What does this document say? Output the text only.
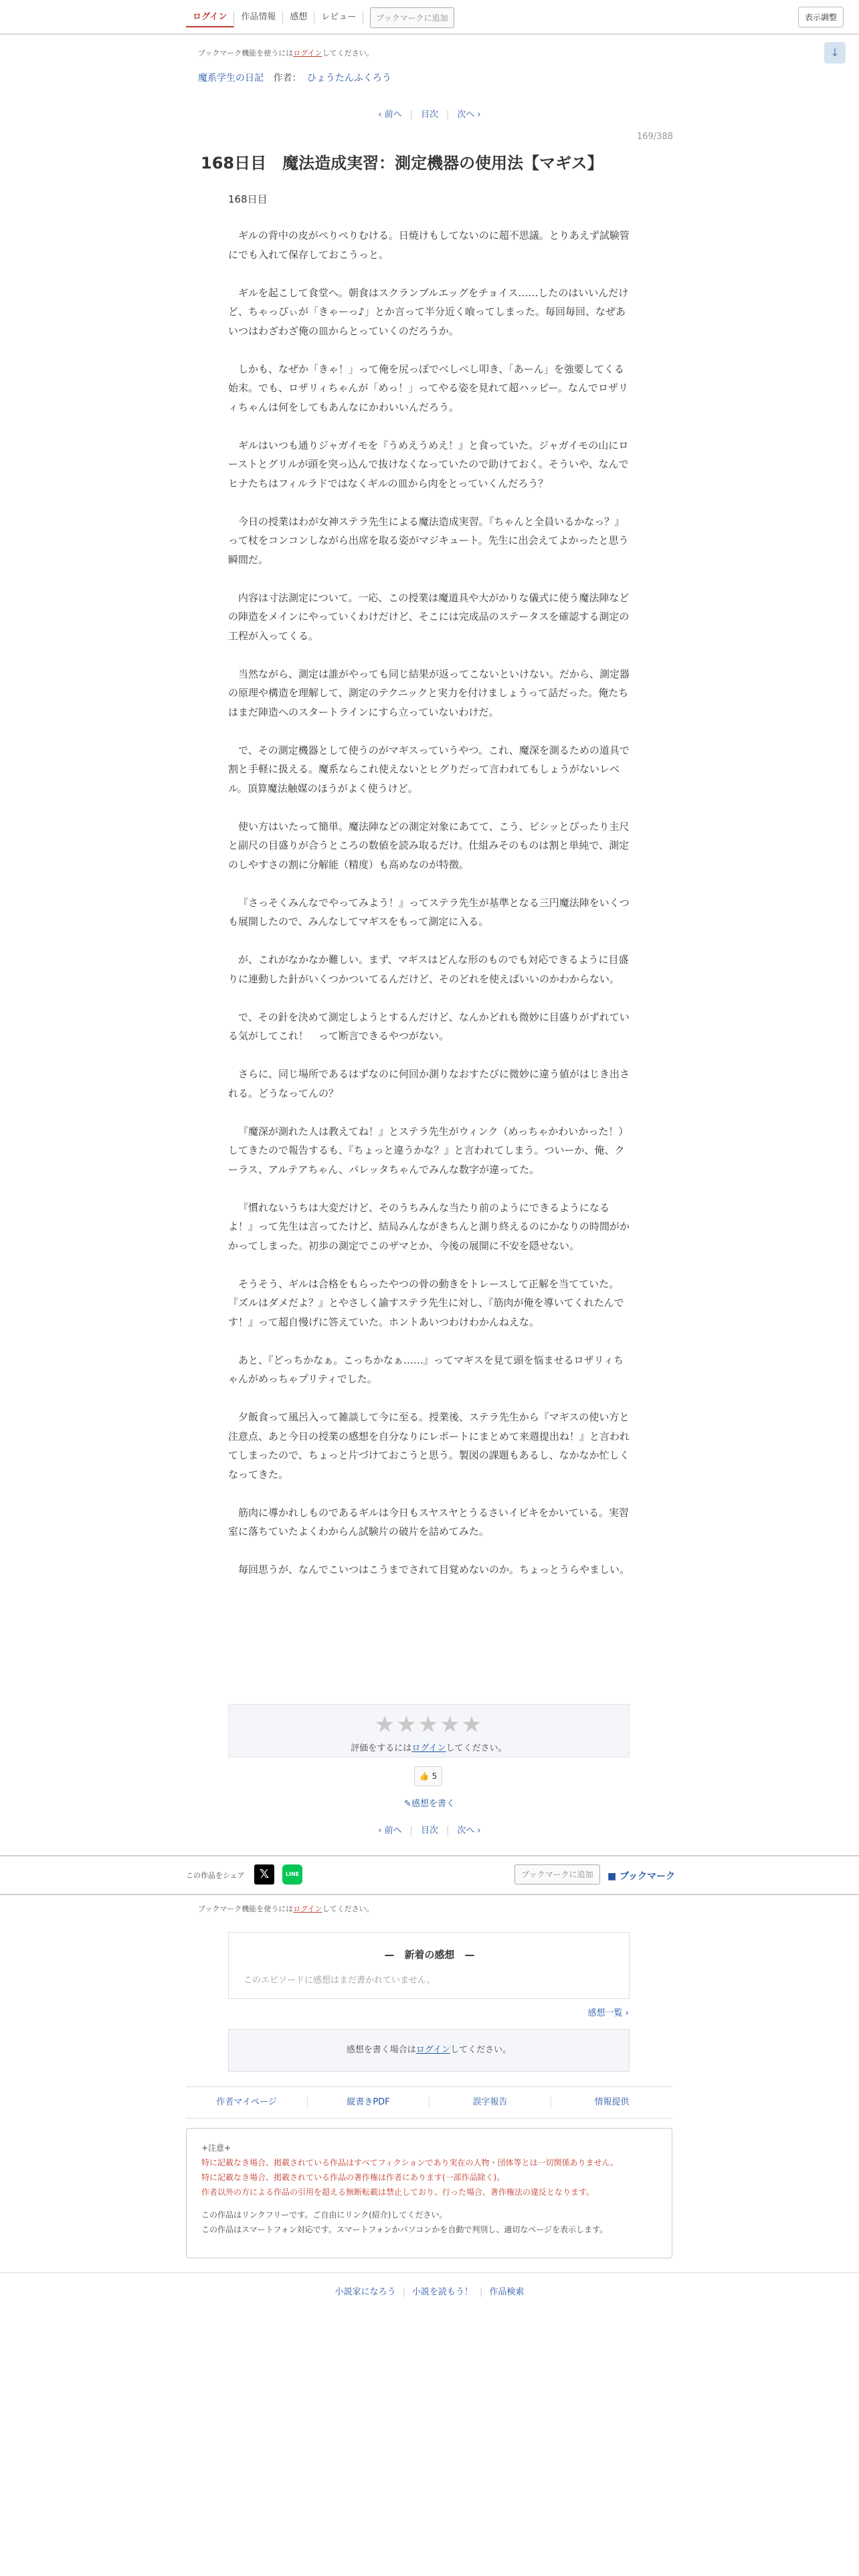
ログイン	作品情報	感想	レビュー	ブックマークに追加	表示調整
ブックマーク機能を使うにはログインしてください。	↓
魔系学生の日記 作者： ひょうたんふくろう
‹ 前へ | 目次 | 次へ ›
169/388
168日目　魔法造成実習：測定機器の使用法【マギス】
168日目

ギルの背中の皮がぺりぺりむける。日焼けもしてないのに超不思議。とりあえず試験管にでも入れて保存しておこうっと。

ギルを起こして食堂へ。朝食はスクランブルエッグをチョイス……したのはいいんだけど、ちゃっぴぃが「きゃーっ♪」とか言って半分近く喰ってしまった。毎回毎回、なぜあいつはわざわざ俺の皿からとっていくのだろうか。

しかも、なぜか「きゃ！」って俺を尻っぽでべしべし叩き、「あーん」を強要してくる始末。でも、ロザリィちゃんが「めっ！」ってやる姿を見れて超ハッピー。なんでロザリィちゃんは何をしてもあんなにかわいいんだろう。

ギルはいつも通りジャガイモを『うめえうめえ！』と食っていた。ジャガイモの山にローストとグリルが頭を突っ込んで抜けなくなっていたので助けておく。そういや、なんでヒナたちはフィルラドではなくギルの皿から肉をとっていくんだろう？

今日の授業はわが女神ステラ先生による魔法造成実習。『ちゃんと全員いるかなっ？』って杖をコンコンしながら出席を取る姿がマジキュート。先生に出会えてよかったと思う瞬間だ。

内容は寸法測定について。一応、この授業は魔道具や大がかりな儀式に使う魔法陣などの陣造をメインにやっていくわけだけど、そこには完成品のステータスを確認する測定の工程が入ってくる。

当然ながら、測定は誰がやっても同じ結果が返ってこないといけない。だから、測定器の原理や構造を理解して、測定のテクニックと実力を付けましょうって話だった。俺たちはまだ陣造へのスタートラインにすら立っていないわけだ。

で、その測定機器として使うのがマギスっていうやつ。これ、魔深を測るための道具で割と手軽に扱える。魔系ならこれ使えないとヒグりだって言われてもしょうがないレベル。頂算魔法触媒のほうがよく使うけど。

使い方はいたって簡単。魔法陣などの測定対象にあてて、こう、ビシッとぴったり主尺と副尺の目盛りが合うところの数値を読み取るだけ。仕組みそのものは割と単純で、測定のしやすさの割に分解能（精度）も高めなのが特徴。

『さっそくみんなでやってみよう！』ってステラ先生が基準となる三円魔法陣をいくつも展開したので、みんなしてマギスをもって測定に入る。

が、これがなかなか難しい。まず、マギスはどんな形のものでも対応できるように目盛りに連動した針がいくつかついてるんだけど、そのどれを使えばいいのかわからない。

で、その針を決めて測定しようとするんだけど、なんかどれも微妙に目盛りがずれている気がしてこれ！　って断言できるやつがない。

さらに、同じ場所であるはずなのに何回か測りなおすたびに微妙に違う値がはじき出される。どうなってんの？

『魔深が測れた人は教えてね！』とステラ先生がウィンク（めっちゃかわいかった！）してきたので報告するも、『ちょっと違うかな？』と言われてしまう。ついーか、俺、クーラス、アルテアちゃん、パレッタちゃんでみんな数字が違ってた。

『慣れないうちは大変だけど、そのうちみんな当たり前のようにできるようになるよ！』って先生は言ってたけど、結局みんながきちんと測り終えるのにかなりの時間がかかってしまった。初歩の測定でこのザマとか、今後の展開に不安を隠せない。

そうそう、ギルは合格をもらったやつの骨の動きをトレースして正解を当てていた。『ズルはダメだよ？』とやさしく諭すステラ先生に対し、『筋肉が俺を導いてくれたんです！』って超自慢げに答えていた。ホントあいつわけわかんねえな。

あと、『どっちかなぁ。こっちかなぁ……』ってマギスを見て頭を悩ませるロザリィちゃんがめっちゃプリティでした。

夕飯食って風呂入って雑談して今に至る。授業後、ステラ先生から『マギスの使い方と注意点、あと今日の授業の感想を自分なりにレポートにまとめて来週提出ね！』と言われてしまったので、ちょっと片づけておこうと思う。製図の課題もあるし、なかなか忙しくなってきた。

筋肉に導かれしものであるギルは今日もスヤスヤとうるさいイビキをかいている。実習室に落ちていたよくわからん試験片の破片を詰めてみた。

毎回思うが、なんでこいつはこうまでされて目覚めないのか。ちょっとうらやましい。

★★★★★
評価をするにはログインしてください。
👍 5
✎感想を書く
‹ 前へ | 目次 | 次へ ›
この作品をシェア	𝕏	LINE	ブックマークに追加	■ ブックマーク
ブックマーク機能を使うにはログインしてください。
—　新着の感想　—
このエピソードに感想はまだ書かれていません。
感想一覧 ›
感想を書く場合はログインしてください。
作者マイページ	縦書きPDF	誤字報告	情報提供
+注意+
特に記載なき場合、掲載されている作品はすべてフィクションであり実在の人物・団体等とは一切関係ありません。
特に記載なき場合、掲載されている作品の著作権は作者にあります(一部作品除く)。
作者以外の方による作品の引用を超える無断転載は禁止しており、行った場合、著作権法の違反となります。
この作品はリンクフリーです。ご自由にリンク(紹介)してください。
この作品はスマートフォン対応です。スマートフォンかパソコンかを自動で判別し、適切なページを表示します。
小説家になろう | 小説を読もう！ | 作品検索
